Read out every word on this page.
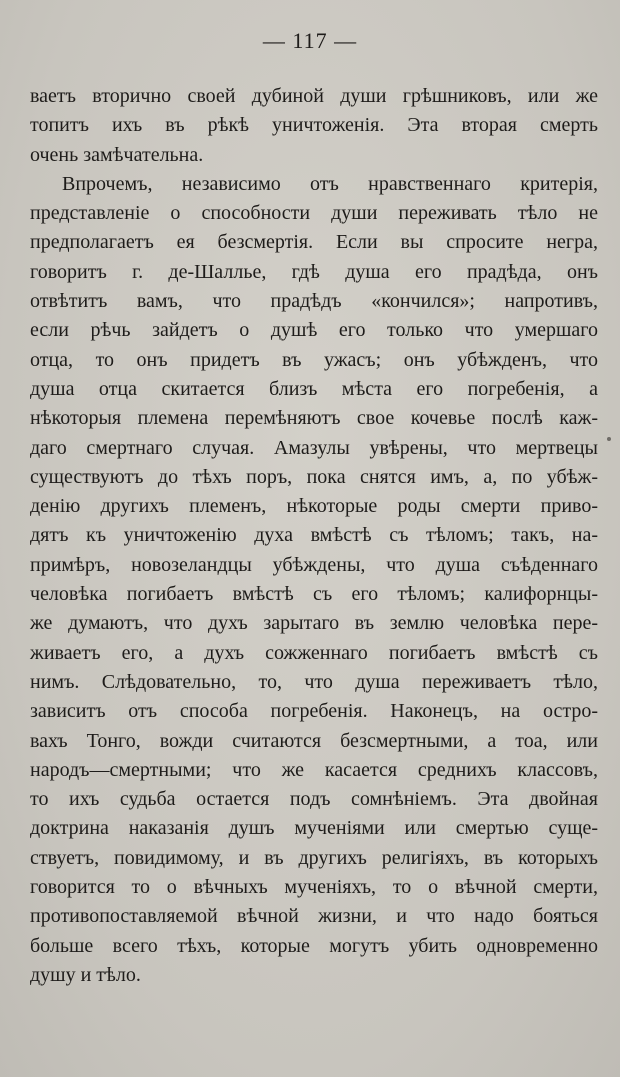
— 117 —
ваетъ вторично своей дубиной души грѣшниковъ, или же
топитъ ихъ въ рѣкѣ уничтоженія. Эта вторая смерть
очень замѣчательна.
Впрочемъ, независимо отъ нравственнаго критерія,
представленіе о способности души переживать тѣло не
предполагаетъ ея безсмертія. Если вы спросите негра,
говоритъ г. де-Шаллье, гдѣ душа его прадѣда, онъ
отвѣтитъ вамъ, что прадѣдъ «кончился»; напротивъ,
если рѣчь зайдетъ о душѣ его только что умершаго
отца, то онъ придетъ въ ужасъ; онъ убѣжденъ, что
душа отца скитается близъ мѣста его погребенія, а
нѣкоторыя племена перемѣняютъ свое кочевье послѣ каж-
даго смертнаго случая. Амазулы увѣрены, что мертвецы
существуютъ до тѣхъ поръ, пока снятся имъ, а, по убѣж-
денію другихъ племенъ, нѣкоторые роды смерти приво-
дятъ къ уничтоженію духа вмѣстѣ съ тѣломъ; такъ, на-
примѣръ, новозеландцы убѣждены, что душа съѣденнаго
человѣка погибаетъ вмѣстѣ съ его тѣломъ; калифорнцы-
же думаютъ, что духъ зарытаго въ землю человѣка пере-
живаетъ его, а духъ сожженнаго погибаетъ вмѣстѣ съ
нимъ. Слѣдовательно, то, что душа переживаетъ тѣло,
зависитъ отъ способа погребенія. Наконецъ, на остро-
вахъ Тонго, вожди считаются безсмертными, а тоа, или
народъ—смертными; что же касается среднихъ классовъ,
то ихъ судьба остается подъ сомнѣніемъ. Эта двойная
доктрина наказанія душъ мученіями или смертью суще-
ствуетъ, повидимому, и въ другихъ религіяхъ, въ которыхъ
говорится то о вѣчныхъ мученіяхъ, то о вѣчной смерти,
противопоставляемой вѣчной жизни, и что надо бояться
больше всего тѣхъ, которые могутъ убить одновременно
душу и тѣло.
